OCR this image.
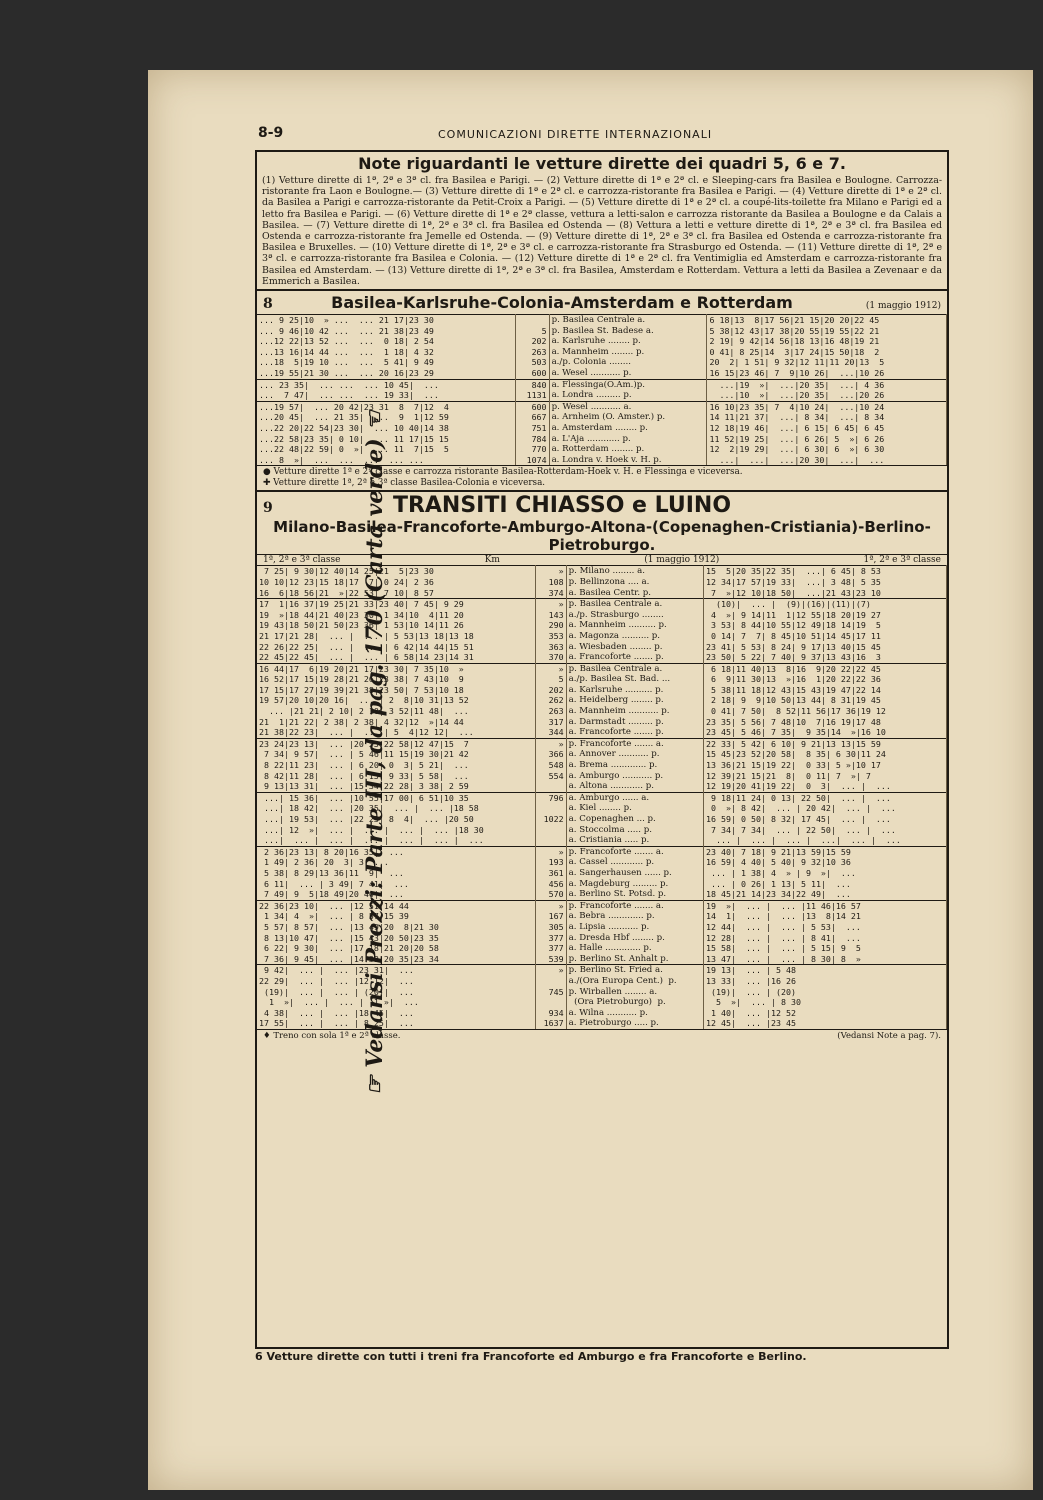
8-9	COMUNICAZIONI DIRETTE INTERNAZIONALI
☞ Vedansi Prezzi: Parte III, da pag. 170 (Carta verde) ☜
Note riguardanti le vetture dirette dei quadri 5, 6 e 7.

(1) Vetture dirette di 1ª, 2ª e 3ª cl. fra Basilea e Parigi. — (2) Vetture dirette di 1ª e 2ª cl. e Sleeping-cars fra Basilea e Boulogne. Carrozza-ristorante fra Laon e Boulogne.— (3) Vetture dirette di 1ª e 2ª cl. e carrozza-ristorante fra Basilea e Parigi. — (4) Vetture dirette di 1ª e 2ª cl. da Basilea a Parigi e carrozza-ristorante da Petit-Croix a Parigi. — (5) Vetture dirette di 1ª e 2ª cl. a coupé-lits-toilette fra Milano e Parigi ed a letto fra Basilea e Parigi. — (6) Vetture dirette di 1ª e 2ª classe, vettura a letti-salon e carrozza ristorante da Basilea a Boulogne e da Calais a Basilea. — (7) Vetture dirette di 1ª, 2ª e 3ª cl. fra Basilea ed Ostenda — (8) Vettura a letti e vetture dirette di 1ª, 2ª e 3ª cl. fra Basilea ed Ostenda e carrozza-ristorante fra Jemelle ed Ostenda. — (9) Vetture dirette di 1ª, 2ª e 3ª cl. fra Basilea ed Ostenda e carrozza-ristorante fra Basilea e Bruxelles. — (10) Vetture dirette di 1ª, 2ª e 3ª cl. e carrozza-ristorante fra Strasburgo ed Ostenda. — (11) Vetture dirette di 1ª, 2ª e 3ª cl. e carrozza-ristorante fra Basilea e Colonia. — (12) Vetture dirette di 1ª e 2ª cl. fra Ventimiglia ed Amsterdam e carrozza-ristorante fra Basilea ed Amsterdam. — (13) Vetture dirette di 1ª, 2ª e 3ª cl. fra Basilea, Amsterdam e Rotterdam. Vettura a letti da Basilea a Zevenaar e da Emmerich a Basilea.

8	Basilea-Karlsruhe-Colonia-Amsterdam e Rotterdam	(1 maggio 1912)
... 9 25|10  » ...  ... 21 17|23 30		p. Basilea Centrale a.	6 18|13  8|17 56|21 15|20 20|22 45
... 9 46|10 42 ...  ... 21 38|23 49	5	p. Basilea St. Badese a.	5 38|12 43|17 38|20 55|19 55|22 21
...12 22|13 52 ...  ...  0 18| 2 54	202	a. Karlsruhe ........ p.	2 19| 9 42|14 56|18 13|16 48|19 21
...13 16|14 44 ...  ...  1 18| 4 32	263	a. Mannheim ........ p.	0 41| 8 25|14  3|17 24|15 50|18  2
...18  5|19 10 ...  ...  5 41| 9 49	503	a./p. Colonia ........	20  2| 1 51| 9 32|12 11|11 20|13  5
...19 55|21 30 ...  ... 20 16|23 29	600	a. Wesel ........... p.	16 15|23 46| 7  9|10 26|  ...|10 26
... 23 35|  ... ...  ... 10 45|  ...	840	a. Flessinga(O.Am.)p.	...|19  »|  ...|20 35|  ...| 4 36
...  7 47|  ... ...  ... 19 33|  ...	1131	a. Londra ......... p.	...|10  »|  ...|20 35|  ...|20 26
...19 57|  ... 20 42|23 31  8  7|12  4	600	p. Wesel ........... a.	16 10|23 35| 7  4|10 24|  ...|10 24
...20 45|  ... 21 35|  ...  9  1|12 59	667	a. Arnheim (O. Amster.) p.	14 11|21 37|  ...| 8 34|  ...| 8 34
...22 20|22 54|23 30|  ... 10 40|14 38	751	a. Amsterdam ........ p.	12 18|19 46|  ...| 6 15| 6 45| 6 45
...22 58|23 35| 0 10|  ... 11 17|15 15	784	a. L'Aja ............ p.	11 52|19 25|  ...| 6 26| 5  »| 6 26
...22 48|22 59| 0  »|  ... 11  7|15  5	770	a. Rotterdam ........ p.	12  2|19 29|  ...| 6 30| 6  »| 6 30
... 8  »|  ...  ...  ...  ... ...	1074	a. Londra v. Hoek v. H. p.	...|  ...|  ...|20 30|  ...|  ...
● Vetture dirette 1ª e 2ª classe e carrozza ristorante Basilea-Rotterdam-Hoek v. H. e Flessinga e viceversa.
✚ Vetture dirette 1ª, 2ª e 3ª classe Basilea-Colonia e viceversa.
9	TRANSITI CHIASSO e LUINO
Milano-Basilea-Francoforte-Amburgo-Altona-(Copenaghen-Cristiania)-Berlino-Pietroburgo.
1ª, 2ª e 3ª classe	Km	(1 maggio 1912)	1ª, 2ª e 3ª classe
7 25| 9 30|12 40|14 25|21  5|23 30	»	p. Milano ........ a.	15  5|20 35|22 35|  ...| 6 45| 8 53
10 10|12 23|15 18|17  7| 0 24| 2 36	108	p. Bellinzona .... a.	12 34|17 57|19 33|  ...| 3 48| 5 35
16  6|18 56|21  »|22 53| 7 10| 8 57	374	a. Basilea Centr. p.	7  »|12 10|18 50|  ...|21 43|23 10
17  1|16 37|19 25|21 33|23 40| 7 45| 9 29	»	p. Basilea Centrale a.	(10)|  ... |  (9)|(16)|(11)|(7)
19  »|18 44|21 40|23 30| 1 34|10  4|11 20	143	a./p. Strasburgo ........	4  »| 9 14|11  1|12 55|18 20|19 27
19 43|18 50|21 50|23 36| 1 53|10 14|11 26	290	a. Mannheim .......... p.	3 53| 8 44|10 55|12 49|18 14|19  5
21 17|21 28|  ... |  ... | 5 53|13 18|13 18	353	a. Magonza .......... p.	0 14| 7  7| 8 45|10 51|14 45|17 11
22 26|22 25|  ... |  ... | 6 42|14 44|15 51	363	a. Wiesbaden ........ p.	23 41| 5 53| 8 24| 9 17|13 40|15 45
22 45|22 45|  ... |  ... | 6 58|14 23|14 31	370	a. Francoforte ....... p.	23 50| 5 22| 7 40| 9 37|13 43|16  3
16 44|17  6|19 20|21 17|23 30| 7 35|10  »	»	p. Basilea Centrale a.	6 18|11 40|13  8|16  9|20 22|22 45
16 52|17 15|19 28|21 26|23 38| 7 43|10  9	5	a./p. Basilea St. Bad. ...	6  9|11 30|13  »|16  1|20 22|22 36
17 15|17 27|19 39|21 38|23 50| 7 53|10 18	202	a. Karlsruhe .......... p.	5 38|11 18|12 43|15 43|19 47|22 14
19 57|20 10|20 16|  ... | 2  8|10 31|13 52	262	a. Heidelberg ........ p.	2 18| 9  9|10 50|13 44| 8 31|19 45
... |21 21| 2 10| 2 10| 3 52|11 48|  ...	263	a. Mannheim ........... p.	0 41| 7 50|  8 52|11 56|17 36|19 12
21  1|21 22| 2 38| 2 38| 4 32|12  »|14 44	317	a. Darmstadt ......... p.	23 35| 5 56| 7 48|10  7|16 19|17 48
21 38|22 23|  ... |  ... | 5  4|12 12|  ...	344	a. Francoforte ....... p.	23 45| 5 46| 7 35|  9 35|14  »|16 10
23 24|23 13|  ... |20 55|22 58|12 47|15  7	»	p. Francoforte ....... a.	22 33| 5 42| 6 10| 9 21|13 13|15 59
7 34| 9 57|  ... | 5 46|11 15|19 30|21 42	366	a. Annover ........... p.	15 45|23 52|20 58|  8 35| 6 30|11 24
8 22|11 23|  ... | 6 20| 0  3| 5 21|  ...	548	a. Brema ............. p.	13 36|21 15|19 22|  0 33| 5 »|10 17
8 42|11 28|  ... | 6 15| 9 33| 5 58|  ...	554	a. Amburgo ........... p.	12 39|21 15|21  8|  0 11| 7  »| 7
9 13|13 31|  ... |15 34|22 28| 3 38| 2 59		a. Altona ............ p.	12 19|20 41|19 22|  0  3|  ... |  ...
...| 15 36|  ... |10 55|17 00| 6 51|10 35	796	a. Amburgo ...... a.	9 18|11 24| 0 13| 22 50|  ... |  ...
...| 18 42|  ... |20 35|  ... |  ... |18 58		a. Kiel ........ p.	0  »| 8 42|  ... | 20 42|  ... |  ...
...| 19 53|  ... |22 23| 8  4|  ... |20 50	1022	a. Copenaghen ... p.	16 59| 0 50| 8 32| 17 45|  ... |  ...
...| 12  »|  ... |  ... |  ... |  ... |18 30		a. Stoccolma ..... p.	7 34| 7 34|  ... | 22 50|  ... |  ...
...|  ... |  ... |  ... |  ... |  ... |  ...		a. Cristiania ..... p.	... |  ... |  ... |  ...|  ... |  ...
2 36|23 13| 8 20|16 35|  ...	»	p. Francoforte ....... a.	23 40| 7 18| 9 21|13 59|15 59
1 49| 2 36| 20  3| 3  ...	193	a. Cassel ............ p.	16 59| 4 40| 5 40| 9 32|10 36
5 38| 8 29|13 36|11  9|  ...	361	a. Sangerhausen ...... p.	... | 1 38| 4  » | 9  »|  ...
6 11|  ... | 3 49| 7 41|  ...	456	a. Magdeburg ......... p.	... | 0 26| 1 13| 5 11|  ...
7 49| 9  5|18 49|20 40|  ...	570	a. Berlino St. Potsd. p.	18 45|21 14|23 34|22 49|  ...
22 36|23 10|  ... |12 51|14 44	»	p. Francoforte ....... a.	19  »|  ... |  ... |11 46|16 57
1 34| 4  »|  ... | 8 57|15 39	167	a. Bebra ............. p.	14  1|  ... |  ... |13  8|14 21
5 57| 8 57|  ... |13 49|20  8|21 30	305	a. Lipsia ........... p.	12 44|  ... |  ... | 5 53|  ...
8 13|10 47|  ... |15 43|20 50|23 35	377	a. Dresda Hbf ........ p.	12 28|  ... |  ... | 8 41|  ...
6 22| 9 30|  ... |17 18|21 20|20 58	377	a. Halle ............. p.	15 58|  ... |  ... | 5 15| 9  5
7 36| 9 45|  ... |14 39|20 35|23 34	539	p. Berlino St. Anhalt p.	13 47|  ... |  ... | 8 30| 8  »
9 42|  ... |  ... |23 31|  ...	»	p. Berlino St. Fried a.	19 13|  ... | 5 48
22 29|  ... |  ... |12 12|  ...		a./(Ora Europa Cent.)  p.	13 33|  ... |16 26
(19)|  ... |  ... | (20)|  ...	745	p. Wirballen ........ a.	(19)|  ... | (20)
1  »|  ... |  ... |  1 »|  ...		(Ora Pietroburgo)  p.	5  »|  ... | 8 30
4 38|  ... |  ... |18 45|  ...	934	a. Wilna ........... p.	1 40|  ... |12 52
17 55|  ... |  ... | 8 25|  ...	1637	a. Pietroburgo ..... p.	12 45|  ... |23 45
♦ Treno con sola 1ª e 2ª classe.	(Vedansi Note a pag. 7).
6 Vetture dirette con tutti i treni fra Francoforte ed Amburgo e fra Francoforte e Berlino.
